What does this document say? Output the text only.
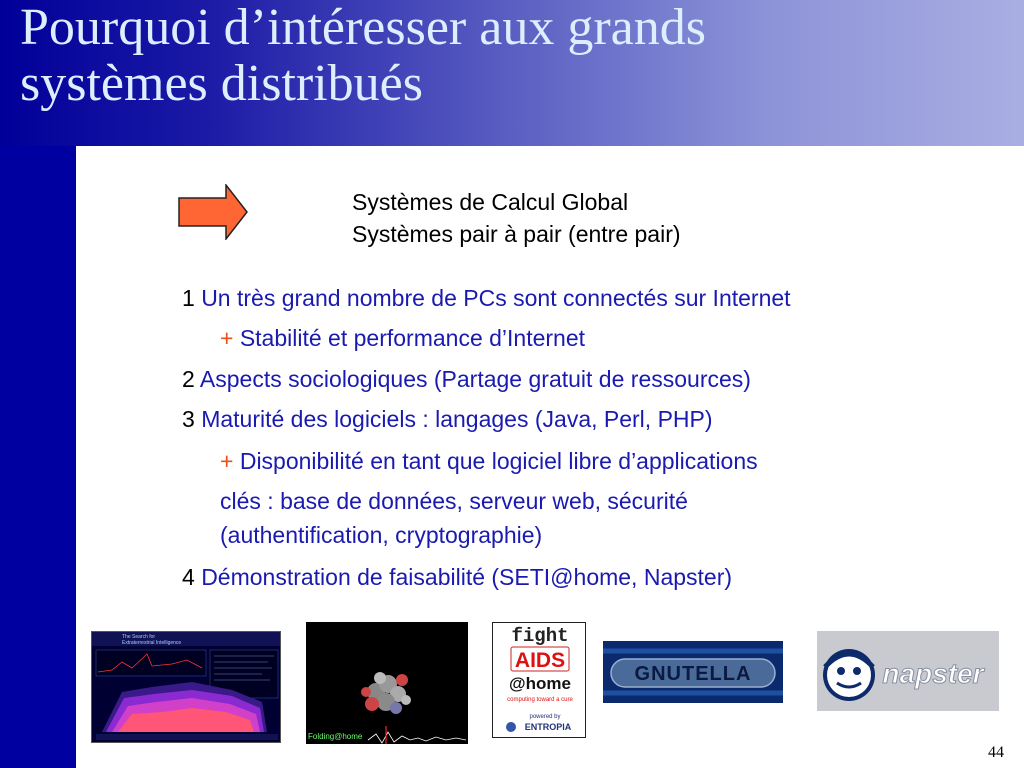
Pourquoi d’intéresser aux grands
systèmes distribués
Systèmes de Calcul Global
Systèmes pair à pair (entre pair)
1 Un très grand nombre de PCs sont connectés sur Internet
+ Stabilité et performance d’Internet
2 Aspects sociologiques (Partage gratuit de ressources)
3 Maturité des logiciels : langages (Java, Perl, PHP)
+ Disponibilité en tant que logiciel libre d’applications
clés : base de données, serveur web, sécurité
(authentification, cryptographie)
4 Démonstration de faisabilité (SETI@home, Napster)
The Search for
Extraterrestrial Intelligence
Folding@home
fight
AIDS
@home
computing toward a cure
powered by
ENTROPIA
GNUTELLA	napster
44
